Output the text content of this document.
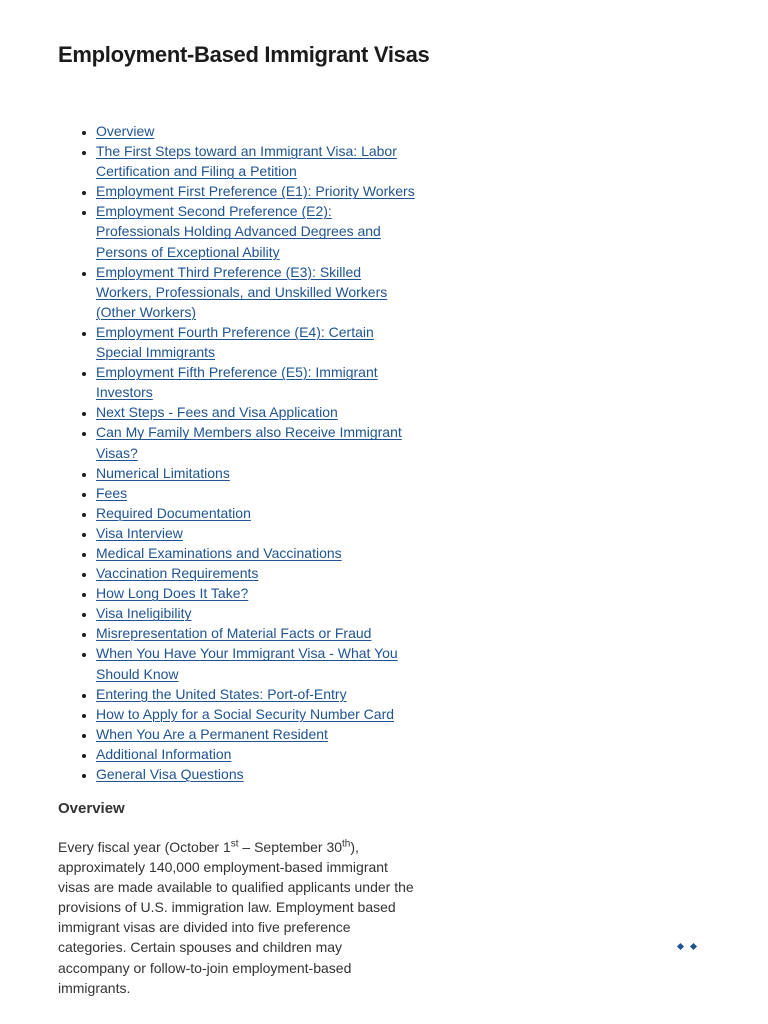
Employment-Based Immigrant Visas
• Overview
• The First Steps toward an Immigrant Visa: Labor Certification and Filing a Petition
• Employment First Preference (E1): Priority Workers
• Employment Second Preference (E2): Professionals Holding Advanced Degrees and Persons of Exceptional Ability
• Employment Third Preference (E3): Skilled Workers, Professionals, and Unskilled Workers (Other Workers)
• Employment Fourth Preference (E4): Certain Special Immigrants
• Employment Fifth Preference (E5): Immigrant Investors
• Next Steps - Fees and Visa Application
• Can My Family Members also Receive Immigrant Visas?
• Numerical Limitations
• Fees
• Required Documentation
• Visa Interview
• Medical Examinations and Vaccinations
• Vaccination Requirements
• How Long Does It Take?
• Visa Ineligibility
• Misrepresentation of Material Facts or Fraud
• When You Have Your Immigrant Visa - What You Should Know
• Entering the United States: Port-of-Entry
• How to Apply for a Social Security Number Card
• When You Are a Permanent Resident
• Additional Information
• General Visa Questions
Overview

Every fiscal year (October 1st – September 30th), approximately 140,000 employment-based immigrant visas are made available to qualified applicants under the provisions of U.S. immigration law. Employment based immigrant visas are divided into five preference categories. Certain spouses and children may accompany or follow-to-join employment-based immigrants.
